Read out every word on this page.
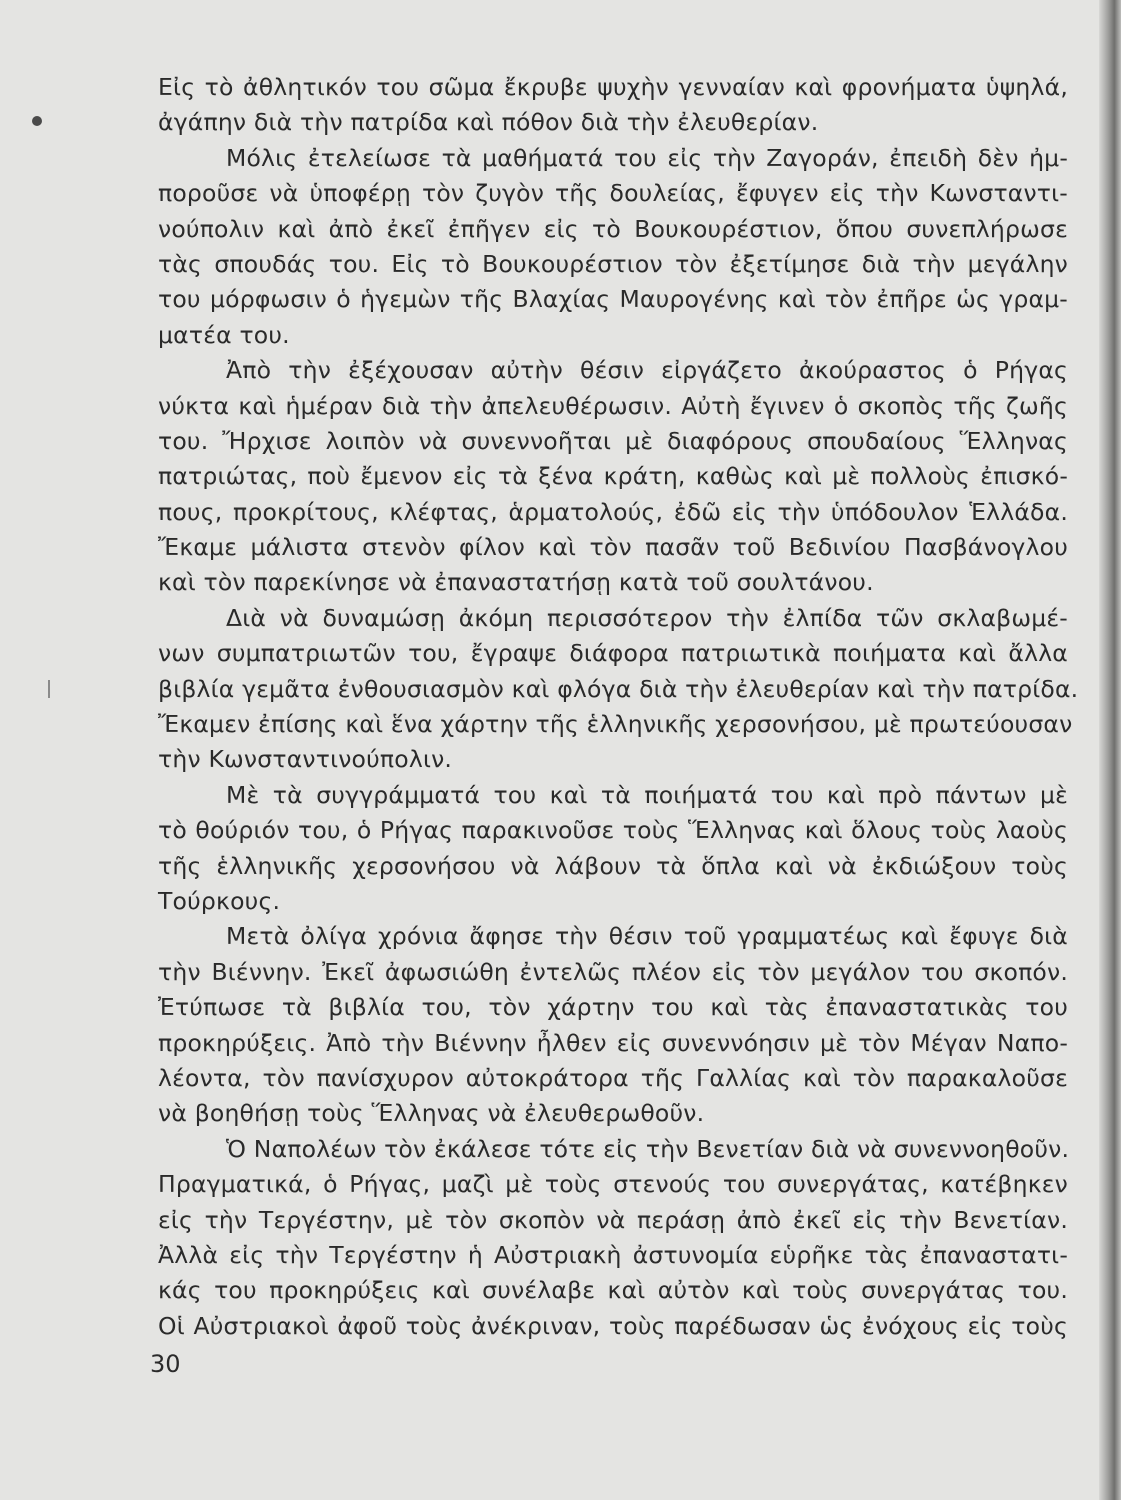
Εἰς τὸ ἀθλητικόν του σῶμα ἔκρυβε ψυχὴν γενναίαν καὶ φρονήματα ὑψηλά,
ἀγάπην διὰ τὴν πατρίδα καὶ πόθον διὰ τὴν ἐλευθερίαν.
Μόλις ἐτελείωσε τὰ μαθήματά του εἰς τὴν Ζαγοράν, ἐπειδὴ δὲν ἠμ-
ποροῦσε νὰ ὑποφέρῃ τὸν ζυγὸν τῆς δουλείας, ἔφυγεν εἰς τὴν Κωνσταντι-
νούπολιν καὶ ἀπὸ ἐκεῖ ἐπῆγεν εἰς τὸ Βουκουρέστιον, ὅπου συνεπλήρωσε
τὰς σπουδάς του. Εἰς τὸ Βουκουρέστιον τὸν ἐξετίμησε διὰ τὴν μεγάλην
του μόρφωσιν ὁ ἡγεμὼν τῆς Βλαχίας Μαυρογένης καὶ τὸν ἐπῆρε ὡς γραμ-
ματέα του.
Ἀπὸ τὴν ἐξέχουσαν αὐτὴν θέσιν εἰργάζετο ἀκούραστος ὁ Ρήγας
νύκτα καὶ ἡμέραν διὰ τὴν ἀπελευθέρωσιν. Αὐτὴ ἔγινεν ὁ σκοπὸς τῆς ζωῆς
του. Ἤρχισε λοιπὸν νὰ συνεννοῆται μὲ διαφόρους σπουδαίους Ἕλληνας
πατριώτας, ποὺ ἔμενον εἰς τὰ ξένα κράτη, καθὼς καὶ μὲ πολλοὺς ἐπισκό-
πους, προκρίτους, κλέφτας, ἁρματολούς, ἐδῶ εἰς τὴν ὑπόδουλον Ἑλλάδα.
Ἔκαμε μάλιστα στενὸν φίλον καὶ τὸν πασᾶν τοῦ Βεδινίου Πασβάνογλου
καὶ τὸν παρεκίνησε νὰ ἐπαναστατήσῃ κατὰ τοῦ σουλτάνου.
Διὰ νὰ δυναμώσῃ ἀκόμη περισσότερον τὴν ἐλπίδα τῶν σκλαβωμέ-
νων συμπατριωτῶν του, ἔγραψε διάφορα πατριωτικὰ ποιήματα καὶ ἄλλα
βιβλία γεμᾶτα ἐνθουσιασμὸν καὶ φλόγα διὰ τὴν ἐλευθερίαν καὶ τὴν πατρίδα.
Ἔκαμεν ἐπίσης καὶ ἕνα χάρτην τῆς ἑλληνικῆς χερσονήσου, μὲ πρωτεύουσαν
τὴν Κωνσταντινούπολιν.
Μὲ τὰ συγγράμματά του καὶ τὰ ποιήματά του καὶ πρὸ πάντων μὲ
τὸ θούριόν του, ὁ Ρήγας παρακινοῦσε τοὺς Ἕλληνας καὶ ὅλους τοὺς λαοὺς
τῆς ἑλληνικῆς χερσονήσου νὰ λάβουν τὰ ὅπλα καὶ νὰ ἐκδιώξουν τοὺς
Τούρκους.
Μετὰ ὀλίγα χρόνια ἄφησε τὴν θέσιν τοῦ γραμματέως καὶ ἔφυγε διὰ
τὴν Βιέννην. Ἐκεῖ ἀφωσιώθη ἐντελῶς πλέον εἰς τὸν μεγάλον του σκοπόν.
Ἐτύπωσε τὰ βιβλία του, τὸν χάρτην του καὶ τὰς ἐπαναστατικὰς του
προκηρύξεις. Ἀπὸ τὴν Βιέννην ἦλθεν εἰς συνεννόησιν μὲ τὸν Μέγαν Ναπο-
λέοντα, τὸν πανίσχυρον αὐτοκράτορα τῆς Γαλλίας καὶ τὸν παρακαλοῦσε
νὰ βοηθήσῃ τοὺς Ἕλληνας νὰ ἐλευθερωθοῦν.
Ὁ Ναπολέων τὸν ἐκάλεσε τότε εἰς τὴν Βενετίαν διὰ νὰ συνεννοηθοῦν.
Πραγματικά, ὁ Ρήγας, μαζὶ μὲ τοὺς στενούς του συνεργάτας, κατέβηκεν
εἰς τὴν Τεργέστην, μὲ τὸν σκοπὸν νὰ περάσῃ ἀπὸ ἐκεῖ εἰς τὴν Βενετίαν.
Ἀλλὰ εἰς τὴν Τεργέστην ἡ Αὐστριακὴ ἀστυνομία εὑρῆκε τὰς ἐπαναστατι-
κάς του προκηρύξεις καὶ συνέλαβε καὶ αὐτὸν καὶ τοὺς συνεργάτας του.
Οἱ Αὐστριακοὶ ἀφοῦ τοὺς ἀνέκριναν, τοὺς παρέδωσαν ὡς ἐνόχους εἰς τοὺς
30
